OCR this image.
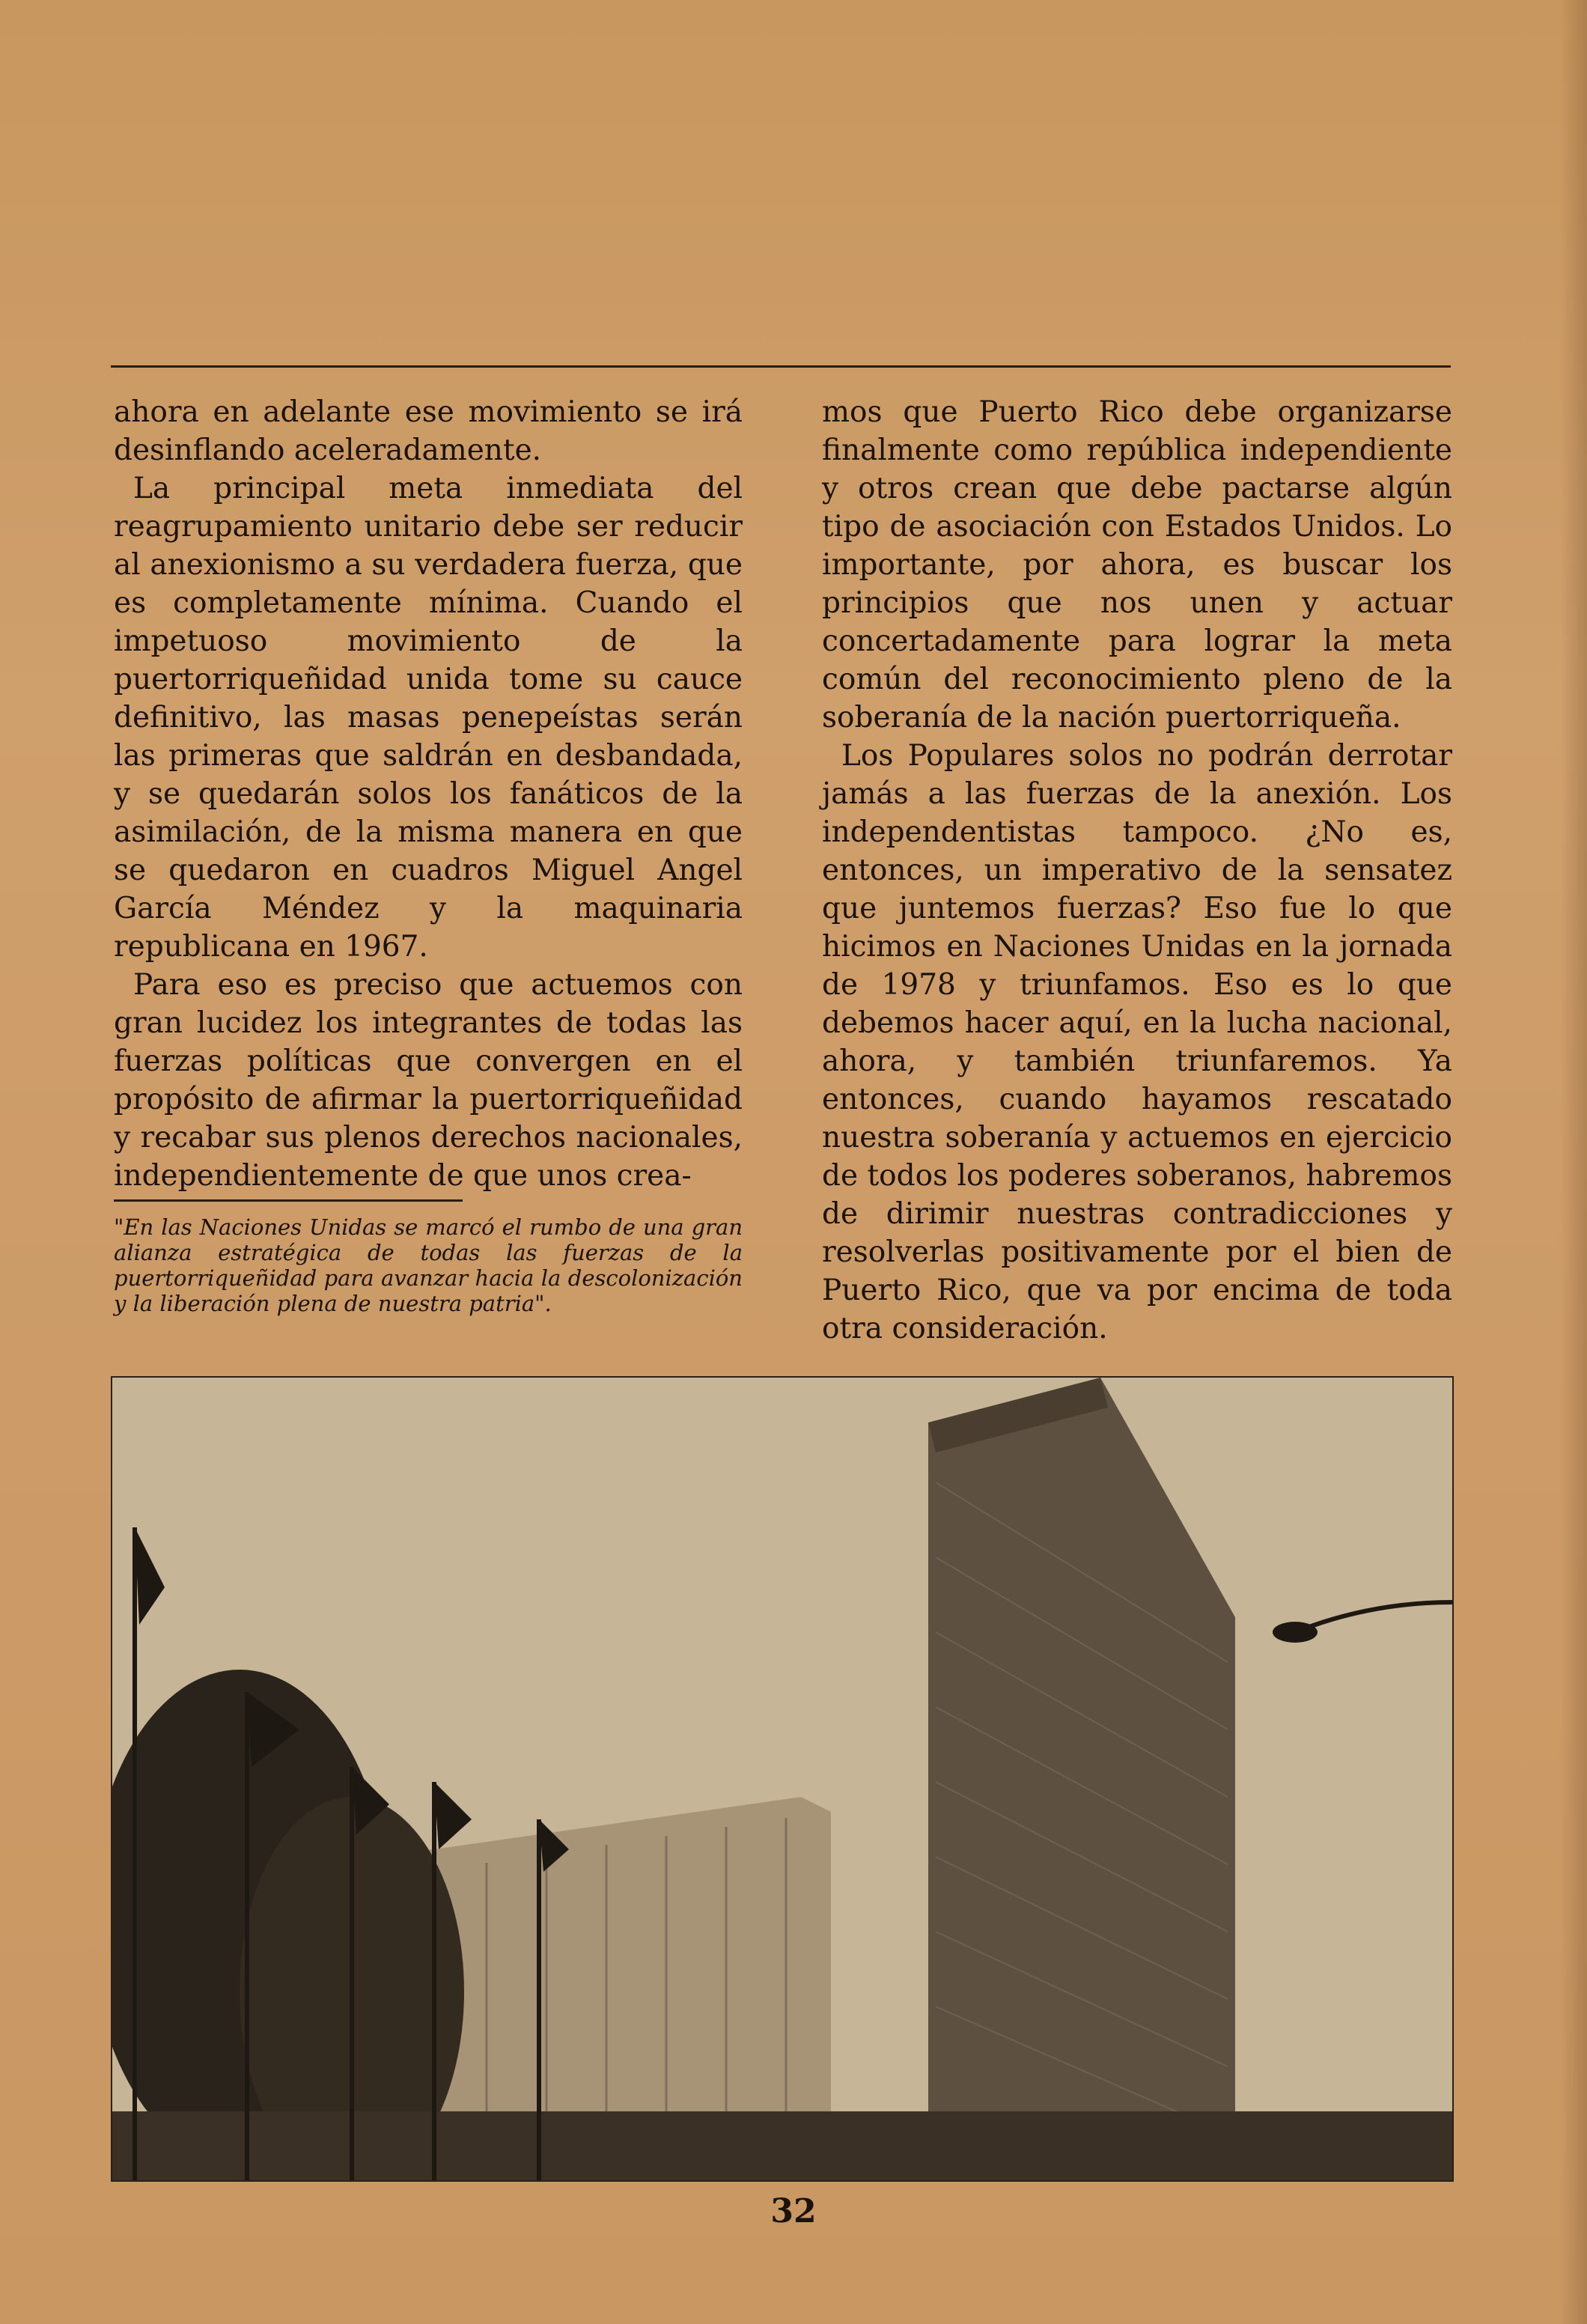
ahora en adelante ese movimiento se irá desinflando aceleradamente.

La principal meta inmediata del reagrupamiento unitario debe ser reducir al anexionismo a su verdadera fuerza, que es completamente mínima. Cuando el impetuoso movimiento de la puertorriqueñidad unida tome su cauce definitivo, las masas penepeístas serán las primeras que saldrán en desbandada, y se quedarán solos los fanáticos de la asimilación, de la misma manera en que se quedaron en cuadros Miguel Angel García Méndez y la maquinaria republicana en 1967.

Para eso es preciso que actuemos con gran lucidez los integrantes de todas las fuerzas políticas que convergen en el propósito de afirmar la puertorriqueñidad y recabar sus plenos derechos nacionales, independientemente de que unos crea-

"En las Naciones Unidas se marcó el rumbo de una gran alianza estratégica de todas las fuerzas de la puertorriqueñidad para avanzar hacia la descolonización y la liberación plena de nuestra patria".

mos que Puerto Rico debe organizarse finalmente como república independiente y otros crean que debe pactarse algún tipo de asociación con Estados Unidos. Lo importante, por ahora, es buscar los principios que nos unen y actuar concertadamente para lograr la meta común del reconocimiento pleno de la soberanía de la nación puertorriqueña.

Los Populares solos no podrán derrotar jamás a las fuerzas de la anexión. Los independentistas tampoco. ¿No es, entonces, un imperativo de la sensatez que juntemos fuerzas? Eso fue lo que hicimos en Naciones Unidas en la jornada de 1978 y triunfamos. Eso es lo que debemos hacer aquí, en la lucha nacional, ahora, y también triunfaremos. Ya entonces, cuando hayamos rescatado nuestra soberanía y actuemos en ejercicio de todos los poderes soberanos, habremos de dirimir nuestras contradicciones y resolverlas positivamente por el bien de Puerto Rico, que va por encima de toda otra consideración.

32
